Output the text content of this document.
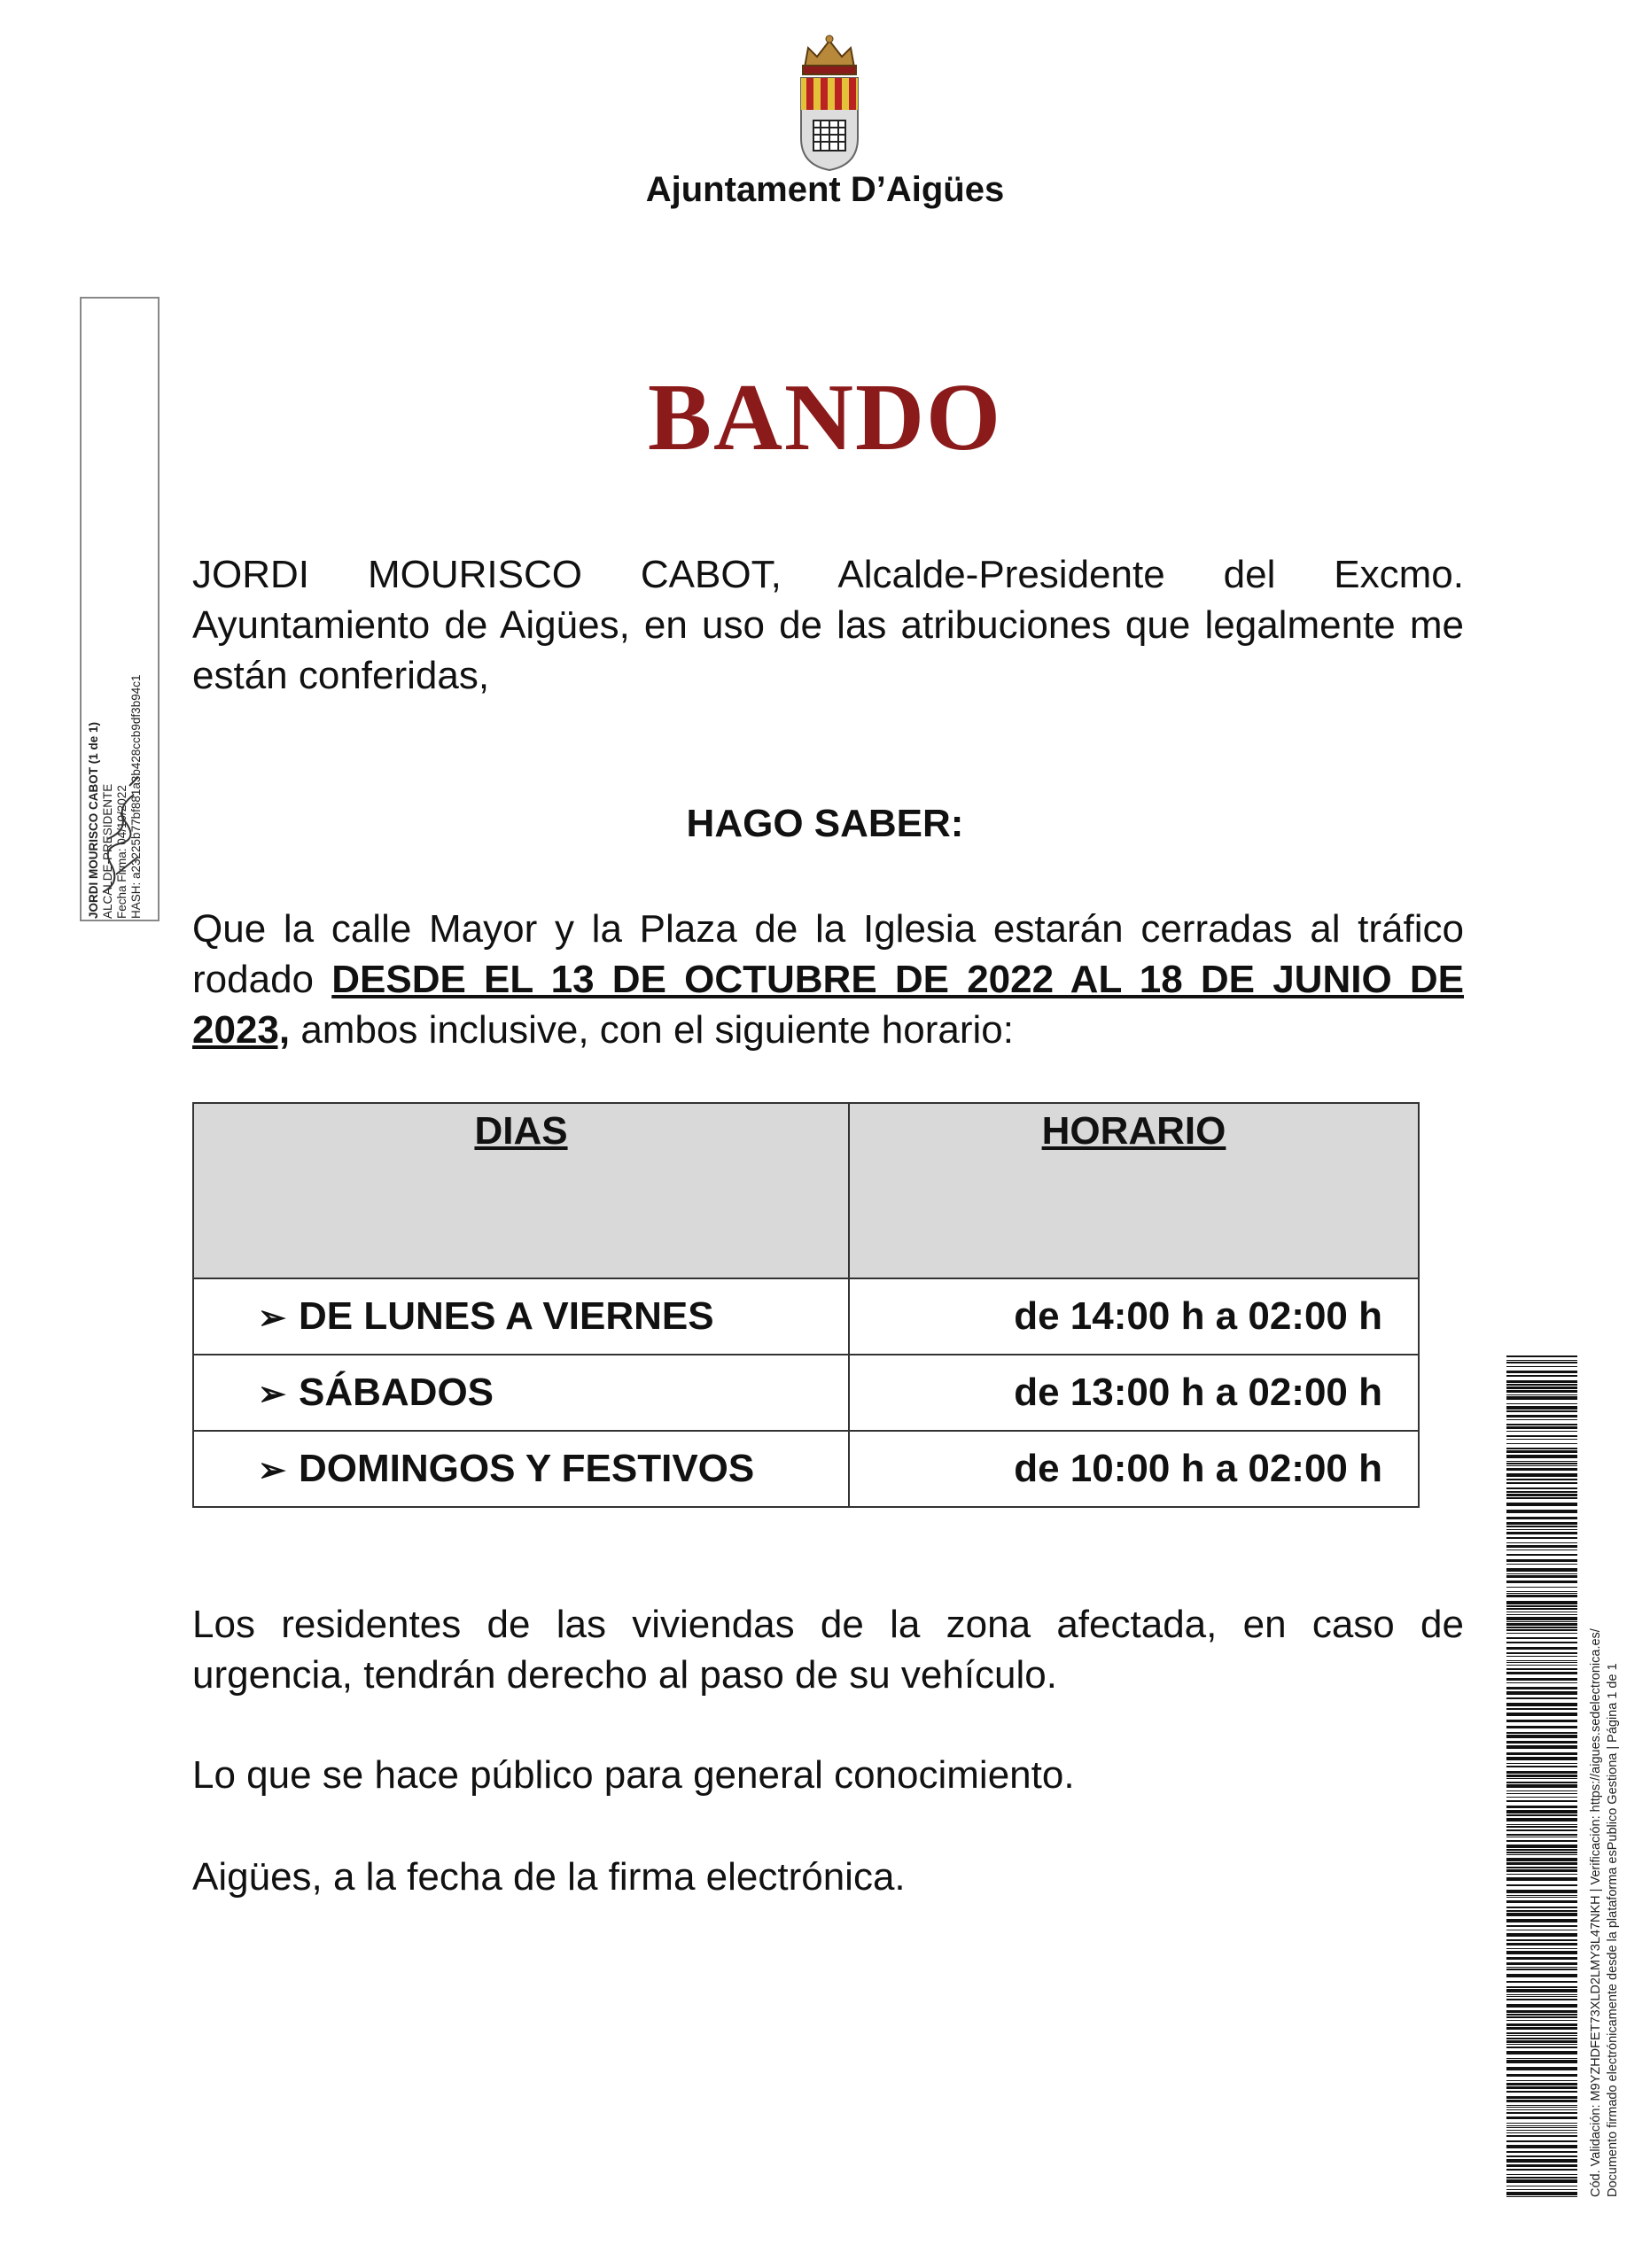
Ajuntament D’Aigües
JORDI MOURISCO CABOT (1 de 1) ALCALDE-PRESIDENTE Fecha Firma: 04/10/2022 HASH: a23225b77bf881a3b428ccb9df3b94c1
BANDO
JORDI MOURISCO CABOT, Alcalde-Presidente del Excmo. Ayuntamiento de Aigües, en uso de las atribuciones que legalmente me están conferidas,
HAGO SABER:
Que la calle Mayor y la Plaza de la Iglesia estarán cerradas al tráfico rodado DESDE EL 13 DE OCTUBRE DE 2022 AL 18 DE JUNIO DE 2023, ambos inclusive, con el siguiente horario:
DIAS	HORARIO
➢ DE LUNES A VIERNES	de 14:00 h a 02:00 h
➢ SÁBADOS	de 13:00 h a 02:00 h
➢ DOMINGOS Y FESTIVOS	de 10:00 h a 02:00 h
Los residentes de las viviendas de la zona afectada, en caso de urgencia, tendrán derecho al paso de su vehículo.
Lo que se hace público para general conocimiento.
Aigües, a la fecha de la firma electrónica.	Cód. Validación: M9YZHDFET73XLD2LMY3L47NKH | Verificación: https://aigues.sedelectronica.es/ Documento firmado electrónicamente desde la plataforma esPublico Gestiona | Página 1 de 1
